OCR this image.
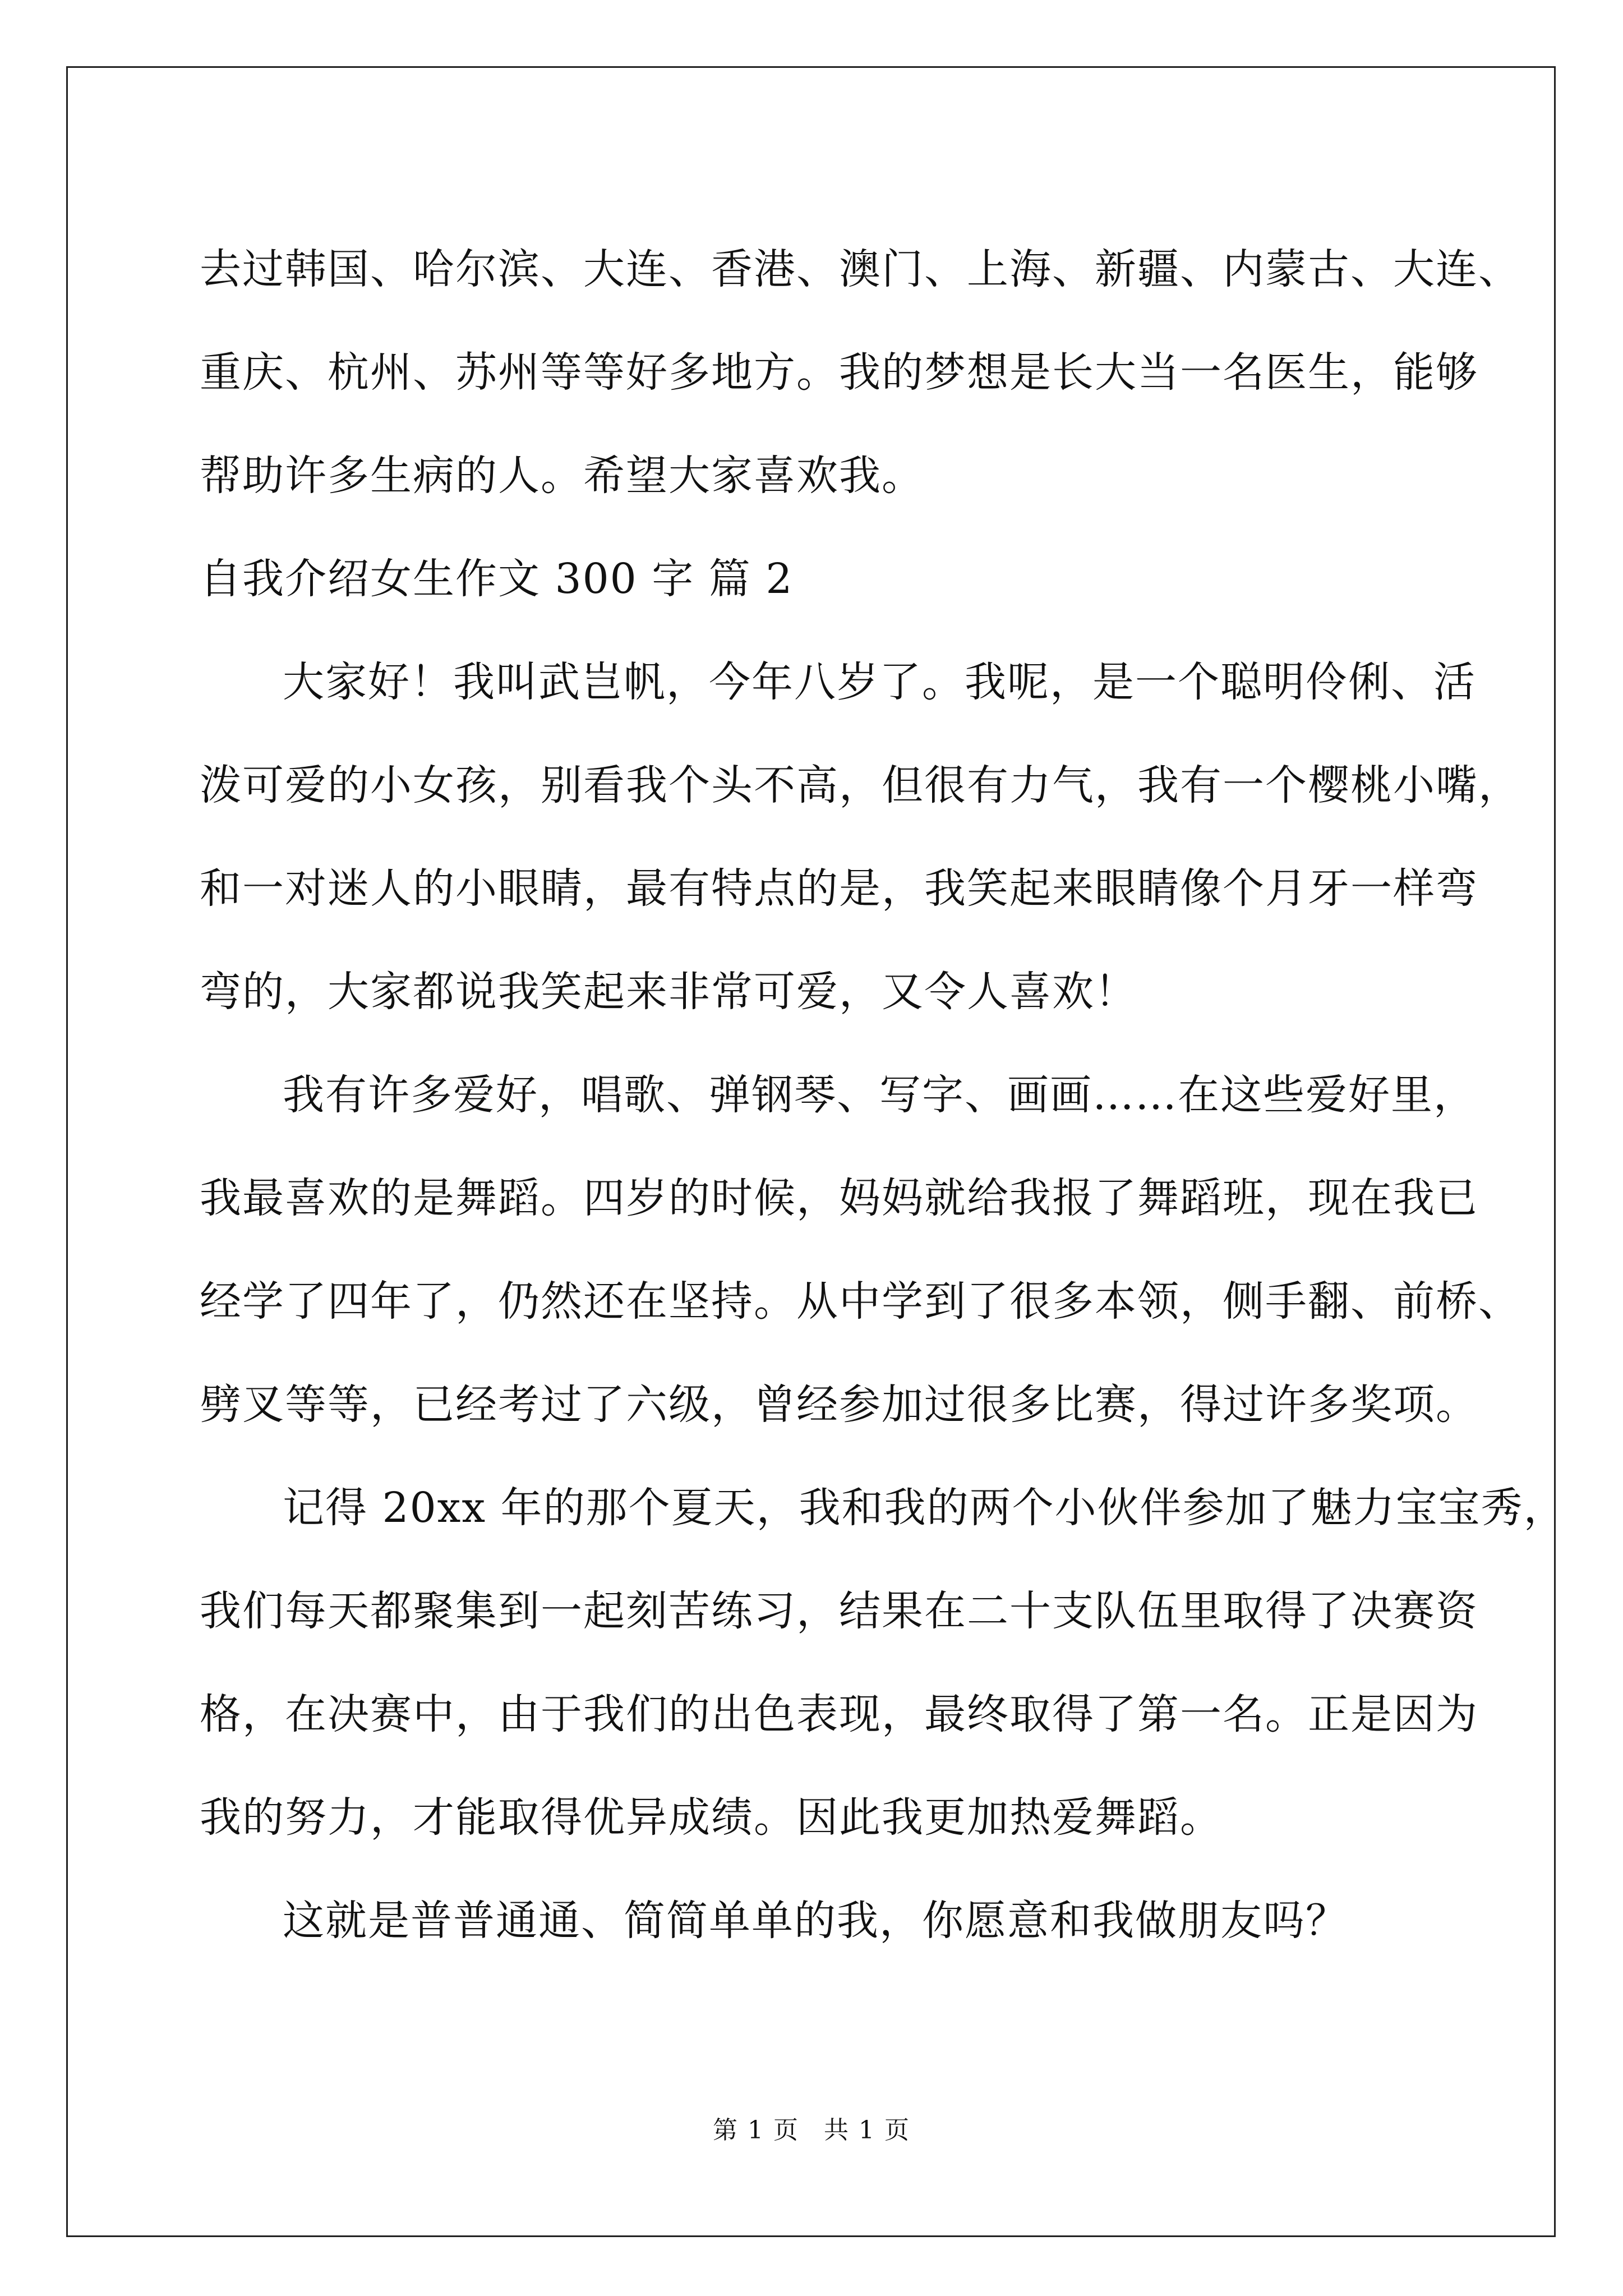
去过韩国、哈尔滨、大连、香港、澳门、上海、新疆、内蒙古、大连、
重庆、杭州、苏州等等好多地方。我的梦想是长大当一名医生，能够
帮助许多生病的人。希望大家喜欢我。
自我介绍女生作文 300 字 篇 2
大家好！我叫武岂帆，今年八岁了。我呢，是一个聪明伶俐、活
泼可爱的小女孩，别看我个头不高，但很有力气，我有一个樱桃小嘴，
和一对迷人的小眼睛，最有特点的是，我笑起来眼睛像个月牙一样弯
弯的，大家都说我笑起来非常可爱，又令人喜欢！
我有许多爱好，唱歌、弹钢琴、写字、画画……在这些爱好里，
我最喜欢的是舞蹈。四岁的时候，妈妈就给我报了舞蹈班，现在我已
经学了四年了，仍然还在坚持。从中学到了很多本领，侧手翻、前桥、
劈叉等等，已经考过了六级，曾经参加过很多比赛，得过许多奖项。
记得 20xx 年的那个夏天，我和我的两个小伙伴参加了魅力宝宝秀，
我们每天都聚集到一起刻苦练习，结果在二十支队伍里取得了决赛资
格，在决赛中，由于我们的出色表现，最终取得了第一名。正是因为
我的努力，才能取得优异成绩。因此我更加热爱舞蹈。
这就是普普通通、简简单单的我，你愿意和我做朋友吗？
第 1 页 共 1 页
